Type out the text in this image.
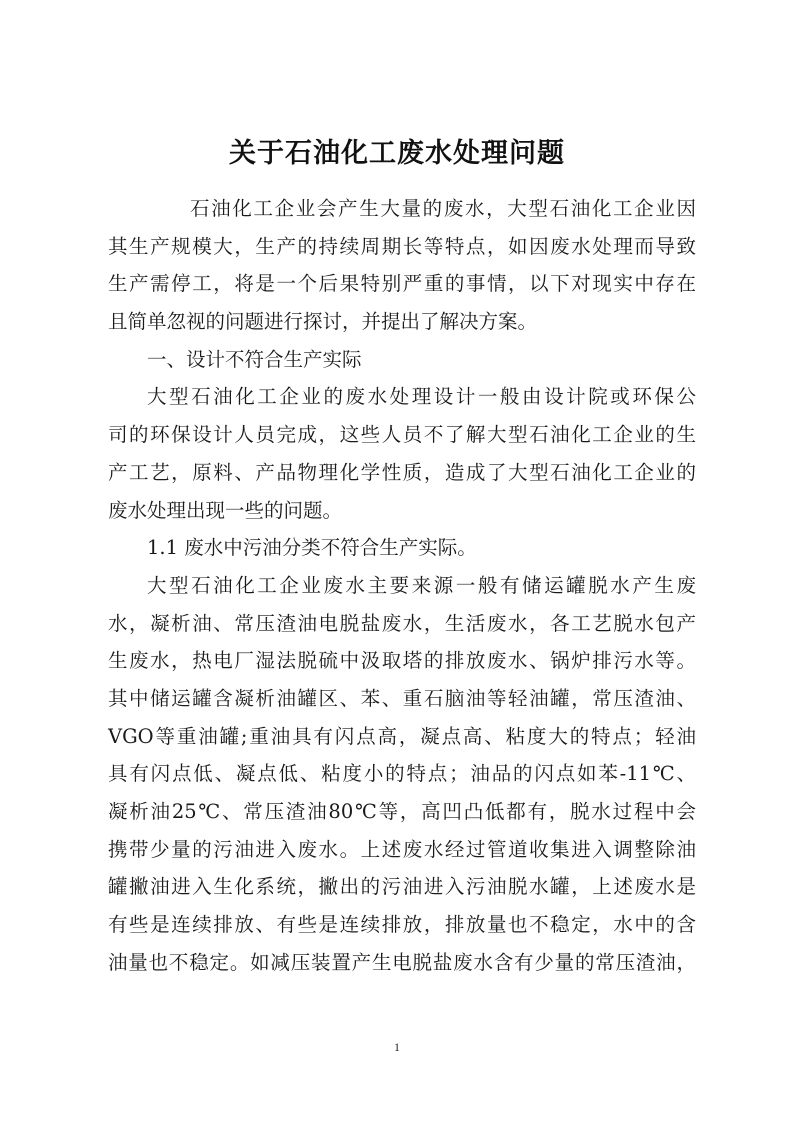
关于石油化工废水处理问题
石油化工企业会产生大量的废水，大型石油化工企业因
其生产规模大，生产的持续周期长等特点，如因废水处理而导致
生产需停工，将是一个后果特别严重的事情，以下对现实中存在
且简单忽视的问题进行探讨，并提出了解决方案。
一、设计不符合生产实际
大型石油化工企业的废水处理设计一般由设计院或环保公
司的环保设计人员完成，这些人员不了解大型石油化工企业的生
产工艺，原料、产品物理化学性质，造成了大型石油化工企业的
废水处理出现一些的问题。
1.1 废水中污油分类不符合生产实际。
大型石油化工企业废水主要来源一般有储运罐脱水产生废
水，凝析油、常压渣油电脱盐废水，生活废水，各工艺脱水包产
生废水，热电厂湿法脱硫中汲取塔的排放废水、锅炉排污水等。
其中储运罐含凝析油罐区、苯、重石脑油等轻油罐，常压渣油、
VGO等重油罐;重油具有闪点高，凝点高、粘度大的特点；轻油
具有闪点低、凝点低、粘度小的特点；油品的闪点如苯-11℃、
凝析油25℃、常压渣油80℃等，高凹凸低都有，脱水过程中会
携带少量的污油进入废水。上述废水经过管道收集进入调整除油
罐撇油进入生化系统，撇出的污油进入污油脱水罐，上述废水是
有些是连续排放、有些是连续排放，排放量也不稳定，水中的含
油量也不稳定。如减压装置产生电脱盐废水含有少量的常压渣油，
1
